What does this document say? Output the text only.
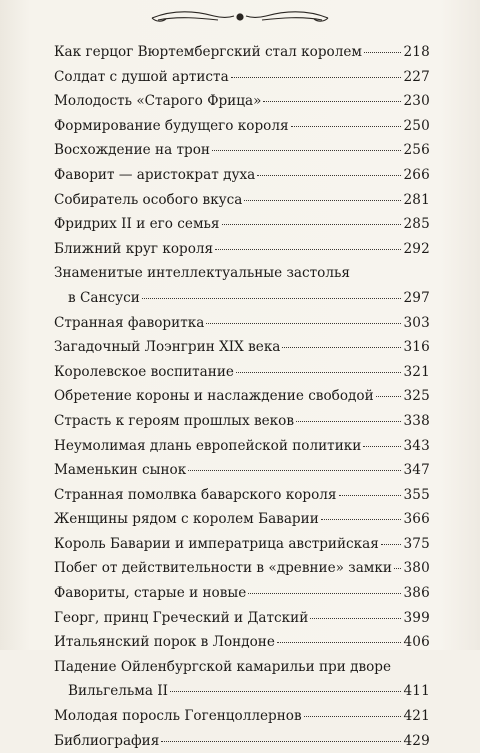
Как герцог Вюртембергский стал королем	218
Солдат с душой артиста	227
Молодость «Старого Фрица»	230
Формирование будущего короля	250
Восхождение на трон	256
Фаворит — аристократ духа	266
Собиратель особого вкуса	281
Фридрих II и его семья	285
Ближний круг короля	292
Знаменитые интеллектуальные застолья
в Сансуси	297
Странная фаворитка	303
Загадочный Лоэнгрин XIX века	316
Королевское воспитание	321
Обретение короны и наслаждение свободой 325
Страсть к героям прошлых веков	338
Неумолимая длань европейской политики	343
Маменькин сынок	347
Странная помолвка баварского короля	355
Женщины рядом с королем Баварии	366
Король Баварии и императрица австрийская 375
Побег от действительности в «древние» замки 380
Фавориты, старые и новые	386
Георг, принц Греческий и Датский	399
Итальянский порок в Лондоне	406
Падение Ойленбургской камарильи при дворе
Вильгельма II	411
Молодая поросль Гогенцоллернов	421
Библиография	429
